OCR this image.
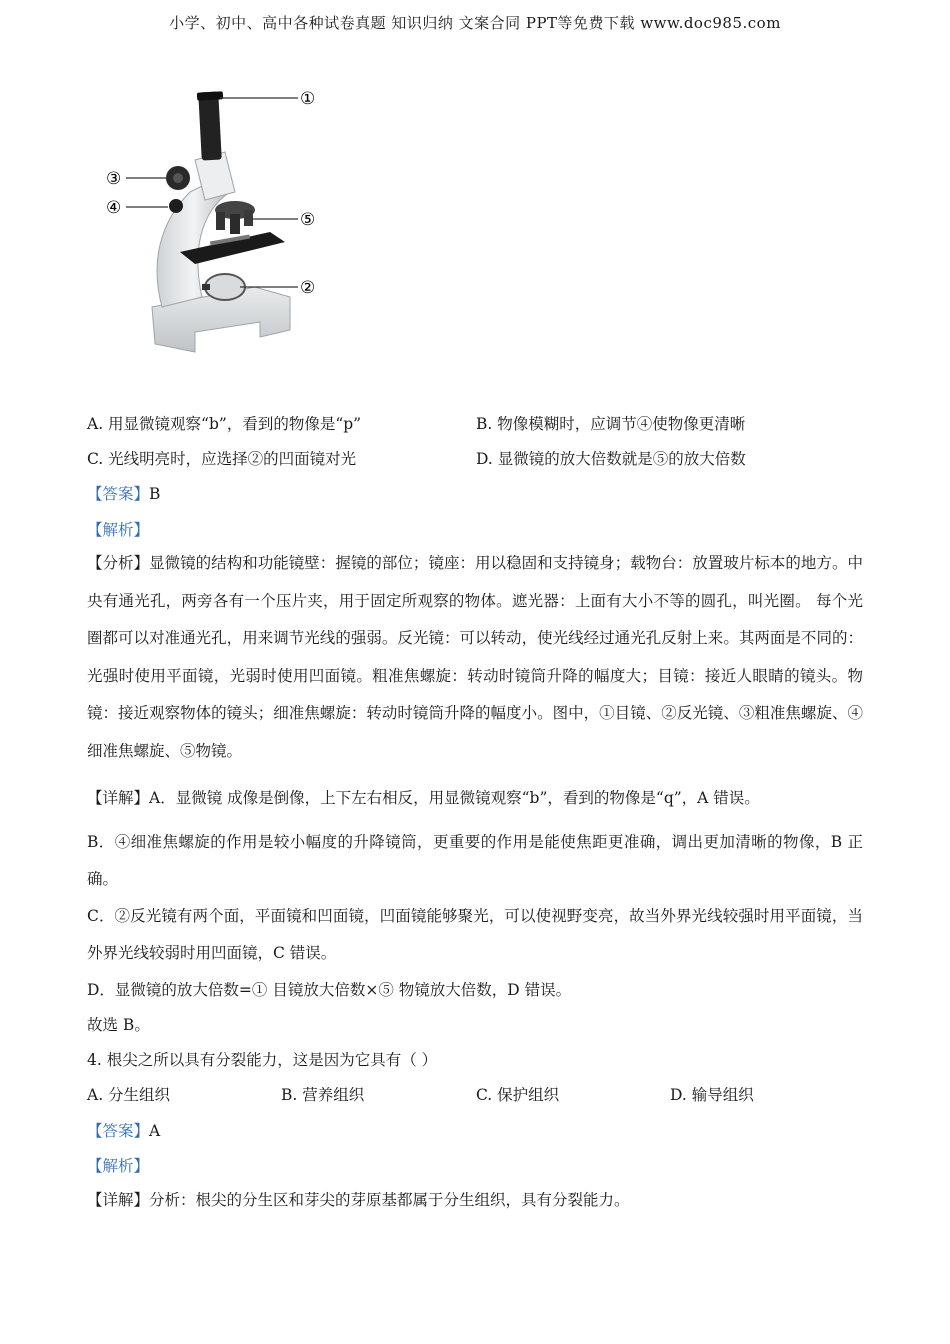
小学、初中、高中各种试卷真题 知识归纳 文案合同 PPT等免费下载 www.doc985.com
①
③
④
⑤
②
A. 用显微镜观察“b”，看到的物像是“p”	B. 物像模糊时，应调节④使物像更清晰
C. 光线明亮时，应选择②的凹面镜对光	D. 显微镜的放大倍数就是⑤的放大倍数
【答案】B
【解析】
【分析】显微镜的结构和功能镜壁：握镜的部位；镜座：用以稳固和支持镜身；载物台：放置玻片标本的地方。中央有通光孔，两旁各有一个压片夹，用于固定所观察的物体。遮光器：上面有大小不等的圆孔，叫光圈。 每个光圈都可以对准通光孔，用来调节光线的强弱。反光镜：可以转动，使光线经过通光孔反射上来。其两面是不同的：光强时使用平面镜，光弱时使用凹面镜。粗准焦螺旋：转动时镜筒升降的幅度大；目镜：接近人眼睛的镜头。物镜：接近观察物体的镜头；细准焦螺旋：转动时镜筒升降的幅度小。图中，①目镜、②反光镜、③粗准焦螺旋、④细准焦螺旋、⑤物镜。
【详解】A．显微镜 成像是倒像，上下左右相反，用显微镜观察“b”，看到的物像是“q”，A 错误。
B．④细准焦螺旋的作用是较小幅度的升降镜筒，更重要的作用是能使焦距更准确，调出更加清晰的物像，B 正确。
C．②反光镜有两个面，平面镜和凹面镜，凹面镜能够聚光，可以使视野变亮，故当外界光线较强时用平面镜，当外界光线较弱时用凹面镜，C 错误。
D．显微镜的放大倍数=① 目镜放大倍数×⑤ 物镜放大倍数，D 错误。
故选 B。
4. 根尖之所以具有分裂能力，这是因为它具有（ ）
A. 分生组织	B. 营养组织	C. 保护组织	D. 输导组织
【答案】A
【解析】
【详解】分析：根尖的分生区和芽尖的芽原基都属于分生组织，具有分裂能力。
